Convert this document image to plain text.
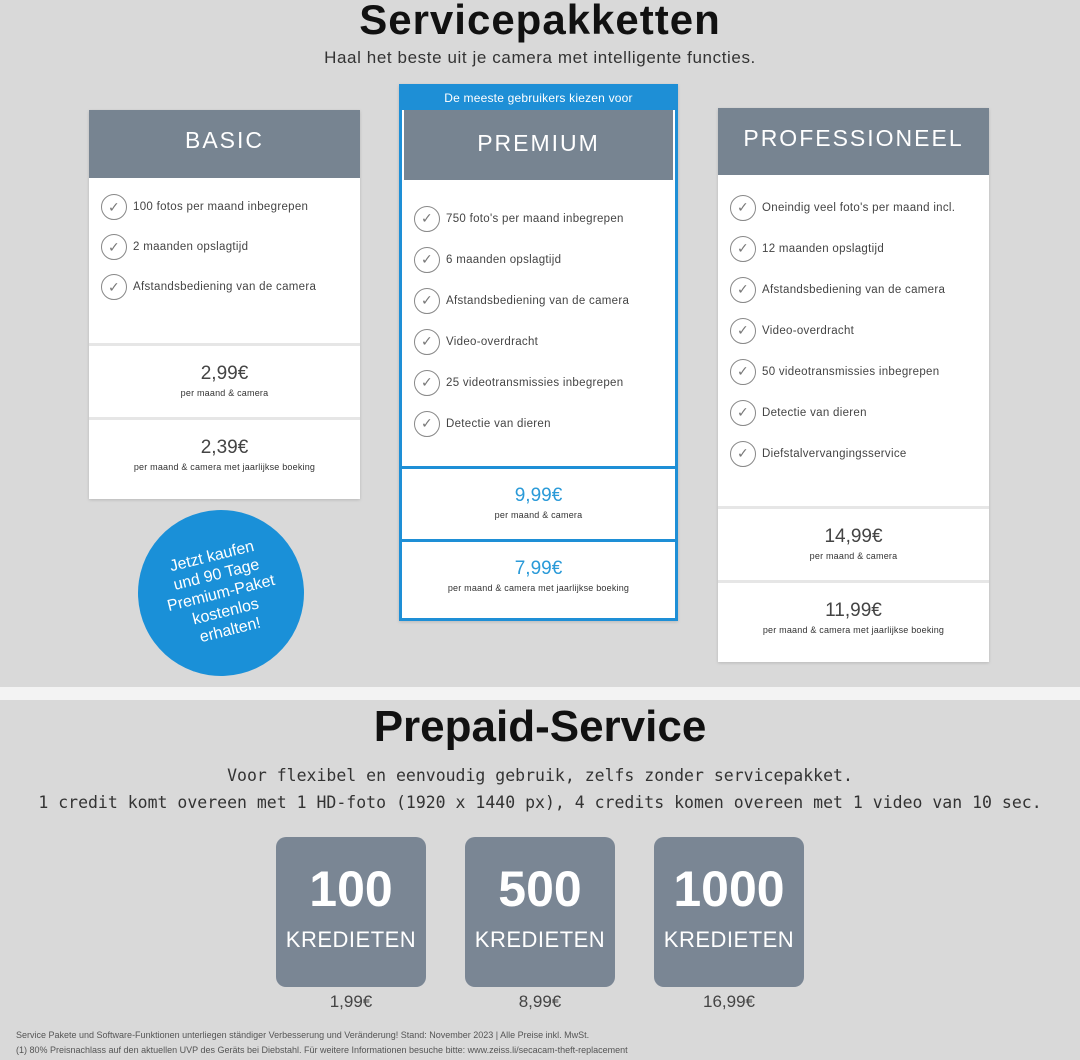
Servicepakketten
Haal het beste uit je camera met intelligente functies.
BASIC
✓	100 fotos per maand inbegrepen
✓	2 maanden opslagtijd
✓	Afstandsbediening van de camera
2,99€
per maand & camera
2,39€
per maand & camera met jaarlijkse boeking
De meeste gebruikers kiezen voor
PREMIUM
✓	750 foto's per maand inbegrepen
✓	6 maanden opslagtijd
✓	Afstandsbediening van de camera
✓	Video-overdracht
✓	25 videotransmissies inbegrepen
✓	Detectie van dieren
9,99€
per maand & camera
7,99€
per maand & camera met jaarlijkse boeking
PROFESSIONEEL
✓	Oneindig veel foto's per maand incl.
✓	12 maanden opslagtijd
✓	Afstandsbediening van de camera
✓	Video-overdracht
✓	50 videotransmissies inbegrepen
✓	Detectie van dieren
✓	Diefstalvervangingsservice
14,99€
per maand & camera
11,99€
per maand & camera met jaarlijkse boeking
Jetzt kaufen
und 90 Tage
Premium-Paket
kostenlos
erhalten!
Prepaid-Service
Voor flexibel en eenvoudig gebruik, zelfs zonder servicepakket.
1 credit komt overeen met 1 HD-foto (1920 x 1440 px), 4 credits komen overeen met 1 video van 10 sec.
100
KREDIETEN
1,99€
500
KREDIETEN
8,99€
1000
KREDIETEN
16,99€
Service Pakete und Software-Funktionen unterliegen ständiger Verbesserung und Veränderung! Stand: November 2023 | Alle Preise inkl. MwSt.
(1) 80% Preisnachlass auf den aktuellen UVP des Geräts bei Diebstahl. Für weitere Informationen besuche bitte: www.zeiss.li/secacam-theft-replacement
